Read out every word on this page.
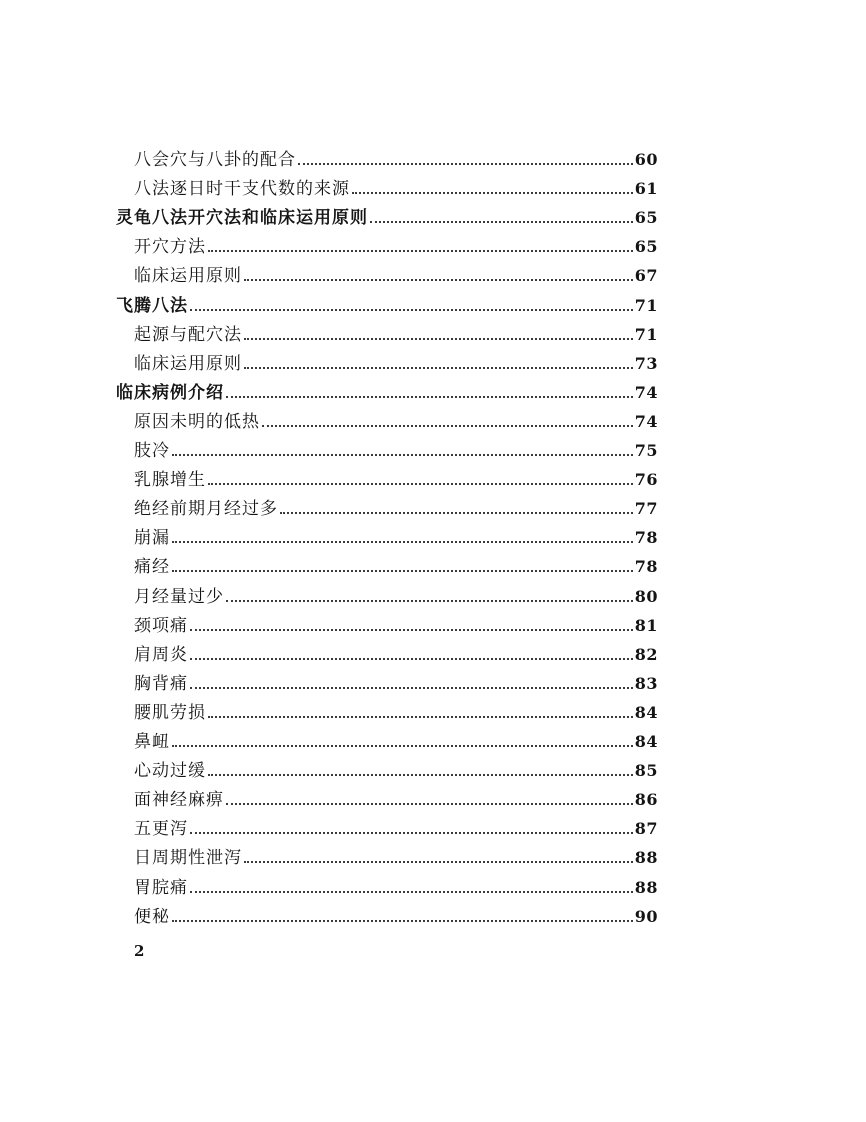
八会穴与八卦的配合	60
八法逐日时干支代数的来源	61
灵龟八法开穴法和临床运用原则	65
开穴方法	65
临床运用原则	67
飞腾八法	71
起源与配穴法	71
临床运用原则	73
临床病例介绍	74
原因未明的低热	74
肢冷	75
乳腺增生	76
绝经前期月经过多	77
崩漏	78
痛经	78
月经量过少	80
颈项痛	81
肩周炎	82
胸背痛	83
腰肌劳损	84
鼻衄	84
心动过缓	85
面神经麻痹	86
五更泻	87
日周期性泄泻	88
胃脘痛	88
便秘	90
2
